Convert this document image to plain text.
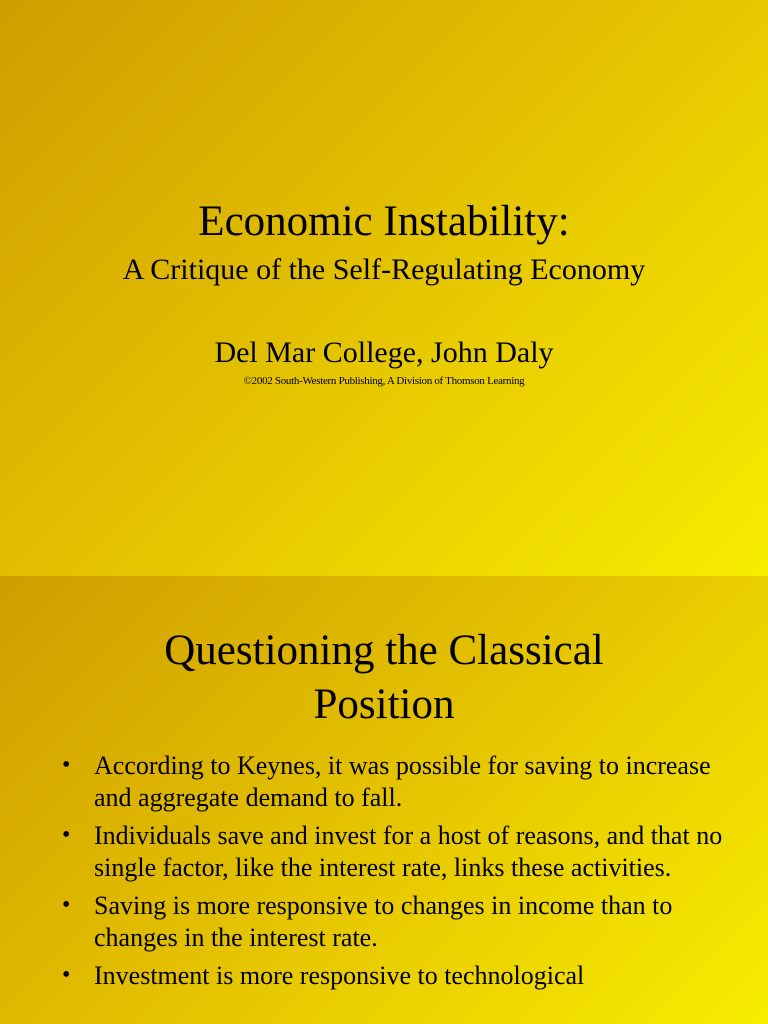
Economic Instability:
A Critique of the Self-Regulating Economy
Del Mar College, John Daly
©2002 South-Western Publishing, A Division of Thomson Learning
Questioning the Classical
Position
• According to Keynes, it was possible for saving to increase and aggregate demand to fall.
• Individuals save and invest for a host of reasons, and that no single factor, like the interest rate, links these activities.
• Saving is more responsive to changes in income than to changes in the interest rate.
• Investment is more responsive to technological
